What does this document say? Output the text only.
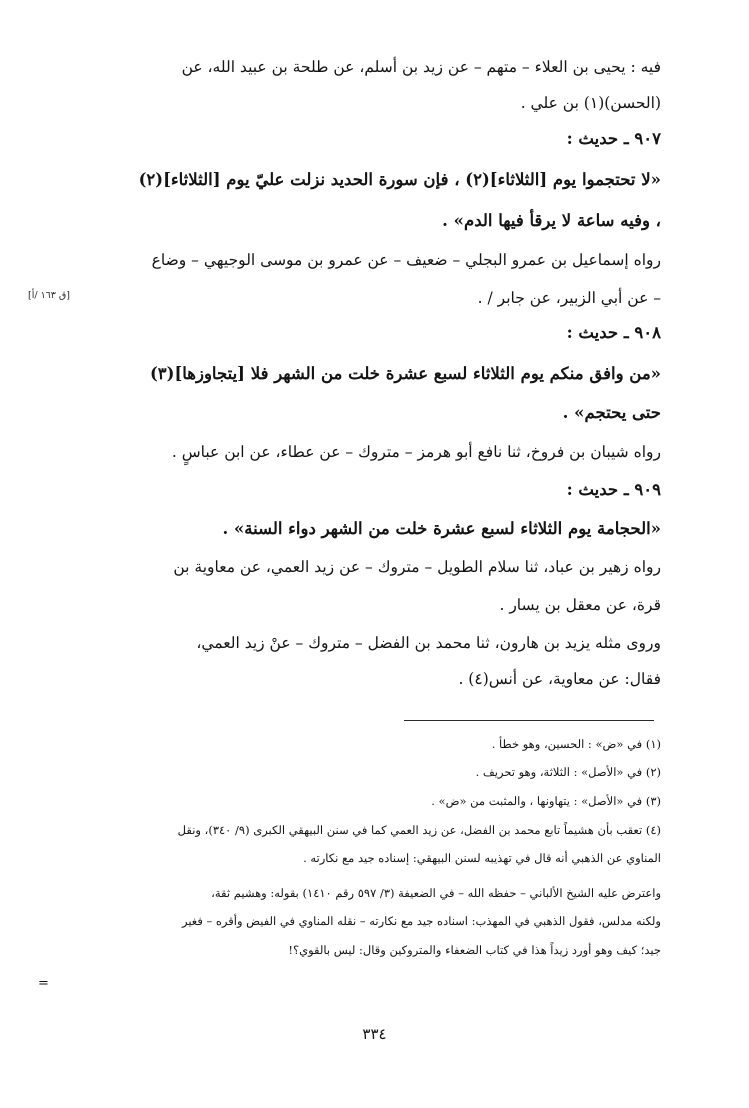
فيه : يحيى بن العلاء – متهم – عن زيد بن أسلم، عن طلحة بن عبيد الله، عن
(الحسن)(١) بن علي .
٩٠٧ ـ حديث :
«لا تحتجموا يوم [الثلاثاء](٢) ، فإن سورة الحديد نزلت عليّ يوم [الثلاثاء](٢)
، وفيه ساعة لا يرقأ فيها الدم» .
رواه إسماعيل بن عمرو البجلي – ضعيف – عن عمرو بن موسى الوجيهي – وضاع
– عن أبي الزبير، عن جابر / .
[ق ١٦٣ /أ]
٩٠٨ ـ حديث :
«من وافق منكم يوم الثلاثاء لسبع عشرة خلت من الشهر فلا [يتجاوزها](٣)
حتى يحتجم» .
رواه شيبان بن فروخ، ثنا نافع أبو هرمز – متروك – عن عطاء، عن ابن عباسٍ .
٩٠٩ ـ حديث :
«الحجامة يوم الثلاثاء لسبع عشرة خلت من الشهر دواء السنة» .
رواه زهير بن عباد، ثنا سلام الطويل – متروك – عن زيد العمي، عن معاوية بن
قرة، عن معقل بن يسار .
وروى مثله يزيد بن هارون، ثنا محمد بن الفضل – متروك – عنْ زيد العمي،
فقال: عن معاوية، عن أنس(٤) .
(١) في «ض» : الحسين، وهو خطأ .
(٢) في «الأصل» : الثلاثة، وهو تحريف .
(٣) في «الأصل» : يتهاونها ، والمثبت من «ض» .
(٤) تعقب بأن هشيماً تابع محمد بن الفضل، عن زيد العمي كما في سنن البيهقي الكبرى (٩/ ٣٤٠)، ونقل
المناوي عن الذهبي أنه قال في تهذيبه لسنن البيهقي: إسناده جيد مع نكارته .
واعترض عليه الشيخ الألباني – حفظه الله – في الضعيفة (٣/ ٥٩٧ رقم ١٤١٠) بقوله: وهشيم ثقة،
ولكنه مدلس، فقول الذهبي في المهذب: اسناده جيد مع نكارته – نقله المناوي في الفيض وأقره – فغير
جيد؛ كيف وهو أورد زيداً هذا في كتاب الضعفاء والمتروكين وقال: ليس بالقوي؟!
=
٣٣٤
